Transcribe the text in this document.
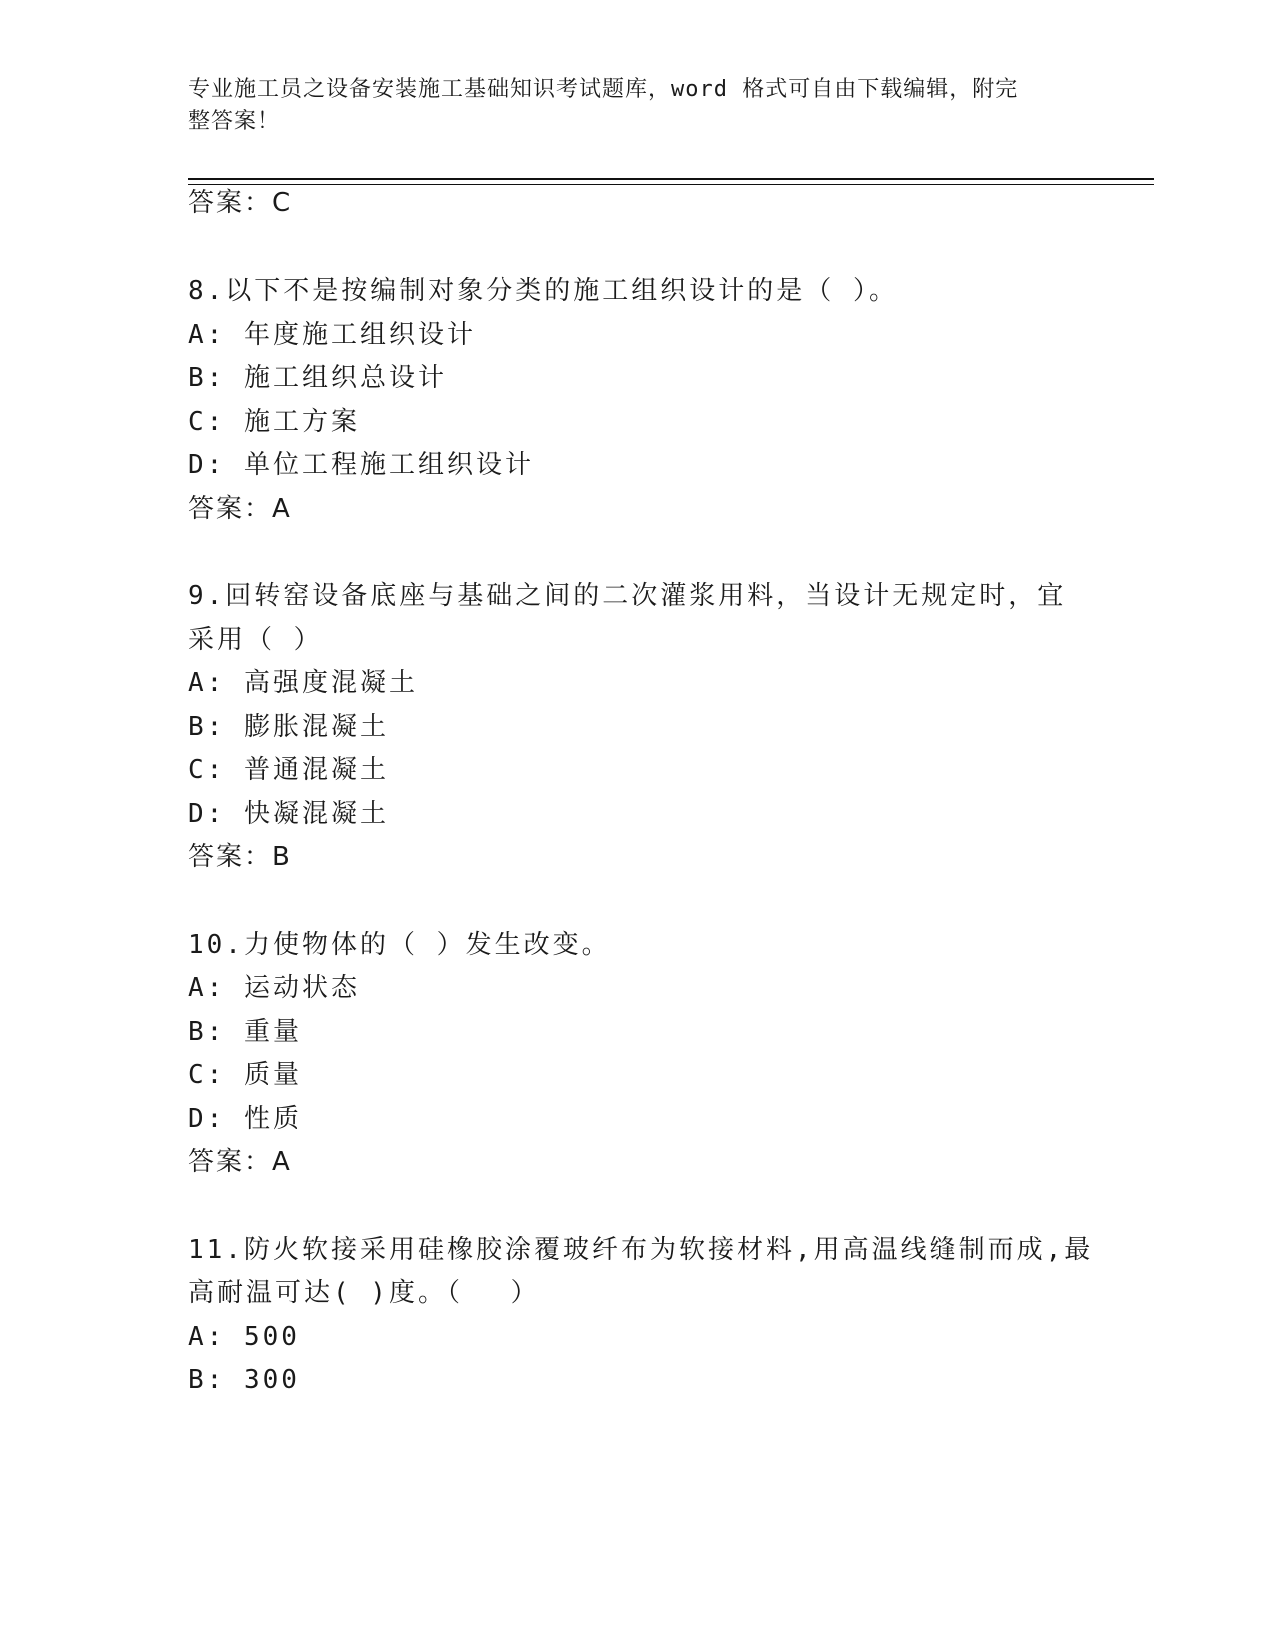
专业施工员之设备安装施工基础知识考试题库，word 格式可自由下载编辑，附完
整答案！

答案：C

8.以下不是按编制对象分类的施工组织设计的是（ ）。

A: 年度施工组织设计

B: 施工组织总设计

C: 施工方案

D: 单位工程施工组织设计

答案：A

9.回转窑设备底座与基础之间的二次灌浆用料，当设计无规定时，宜

采用（ ）

A: 高强度混凝土

B: 膨胀混凝土

C: 普通混凝土

D: 快凝混凝土

答案：B

10.力使物体的（ ）发生改变。

A: 运动状态

B: 重量

C: 质量

D: 性质

答案：A

11.防火软接采用硅橡胶涂覆玻纤布为软接材料,用高温线缝制而成,最

高耐温可达( )度。（　 ）

A: 500

B: 300
